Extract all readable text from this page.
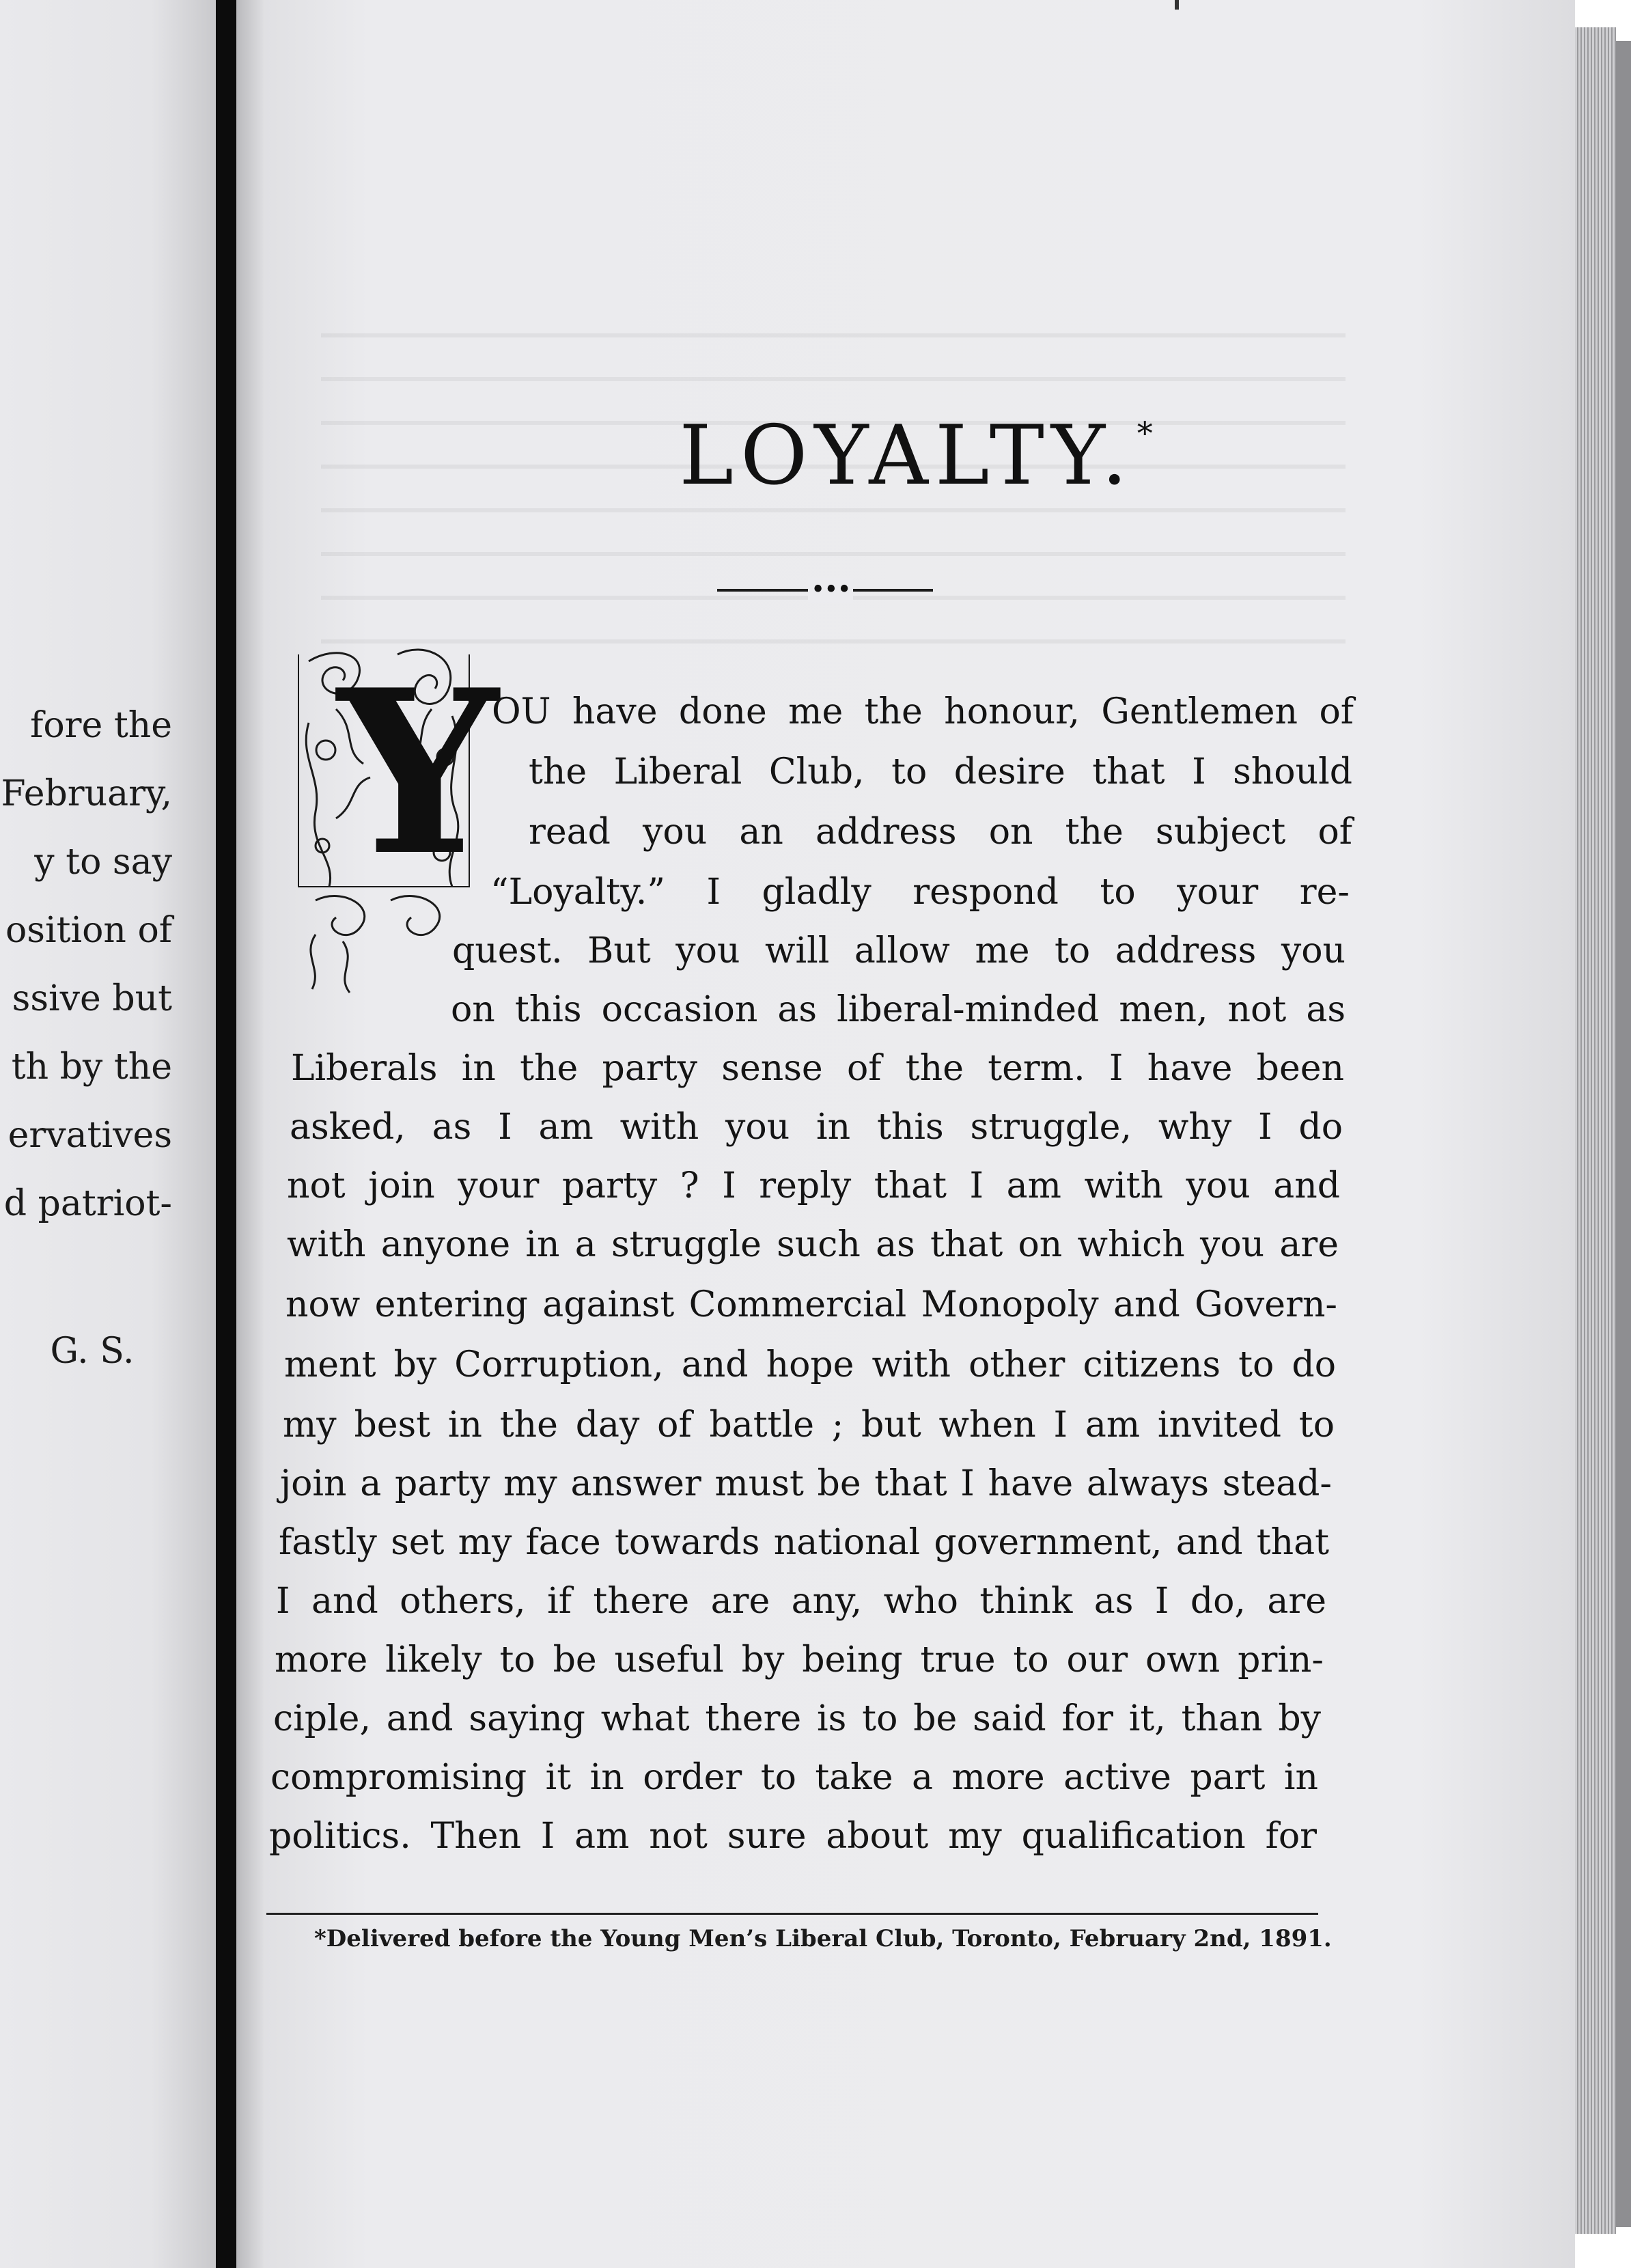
fore the
February,
y to say
osition of
ssive but
th by the
ervatives
d patriot-
G. S.
LOYALTY.*
•••
Y
OU have done me the honour, Gentlemen of
the Liberal Club, to desire that I should
read you an address on the subject of
“Loyalty.” I gladly respond to your re-
quest. But you will allow me to address you
on this occasion as liberal-minded men, not as
Liberals in the party sense of the term. I have been
asked, as I am with you in this struggle, why I do
not join your party ? I reply that I am with you and
with anyone in a struggle such as that on which you are
now entering against Commercial Monopoly and Govern-
ment by Corruption, and hope with other citizens to do
my best in the day of battle ; but when I am invited to
join a party my answer must be that I have always stead-
fastly set my face towards national government, and that
I and others, if there are any, who think as I do, are
more likely to be useful by being true to our own prin-
ciple, and saying what there is to be said for it, than by
compromising it in order to take a more active part in
politics. Then I am not sure about my qualification for
*Delivered before the Young Men’s Liberal Club, Toronto, February 2nd, 1891.
